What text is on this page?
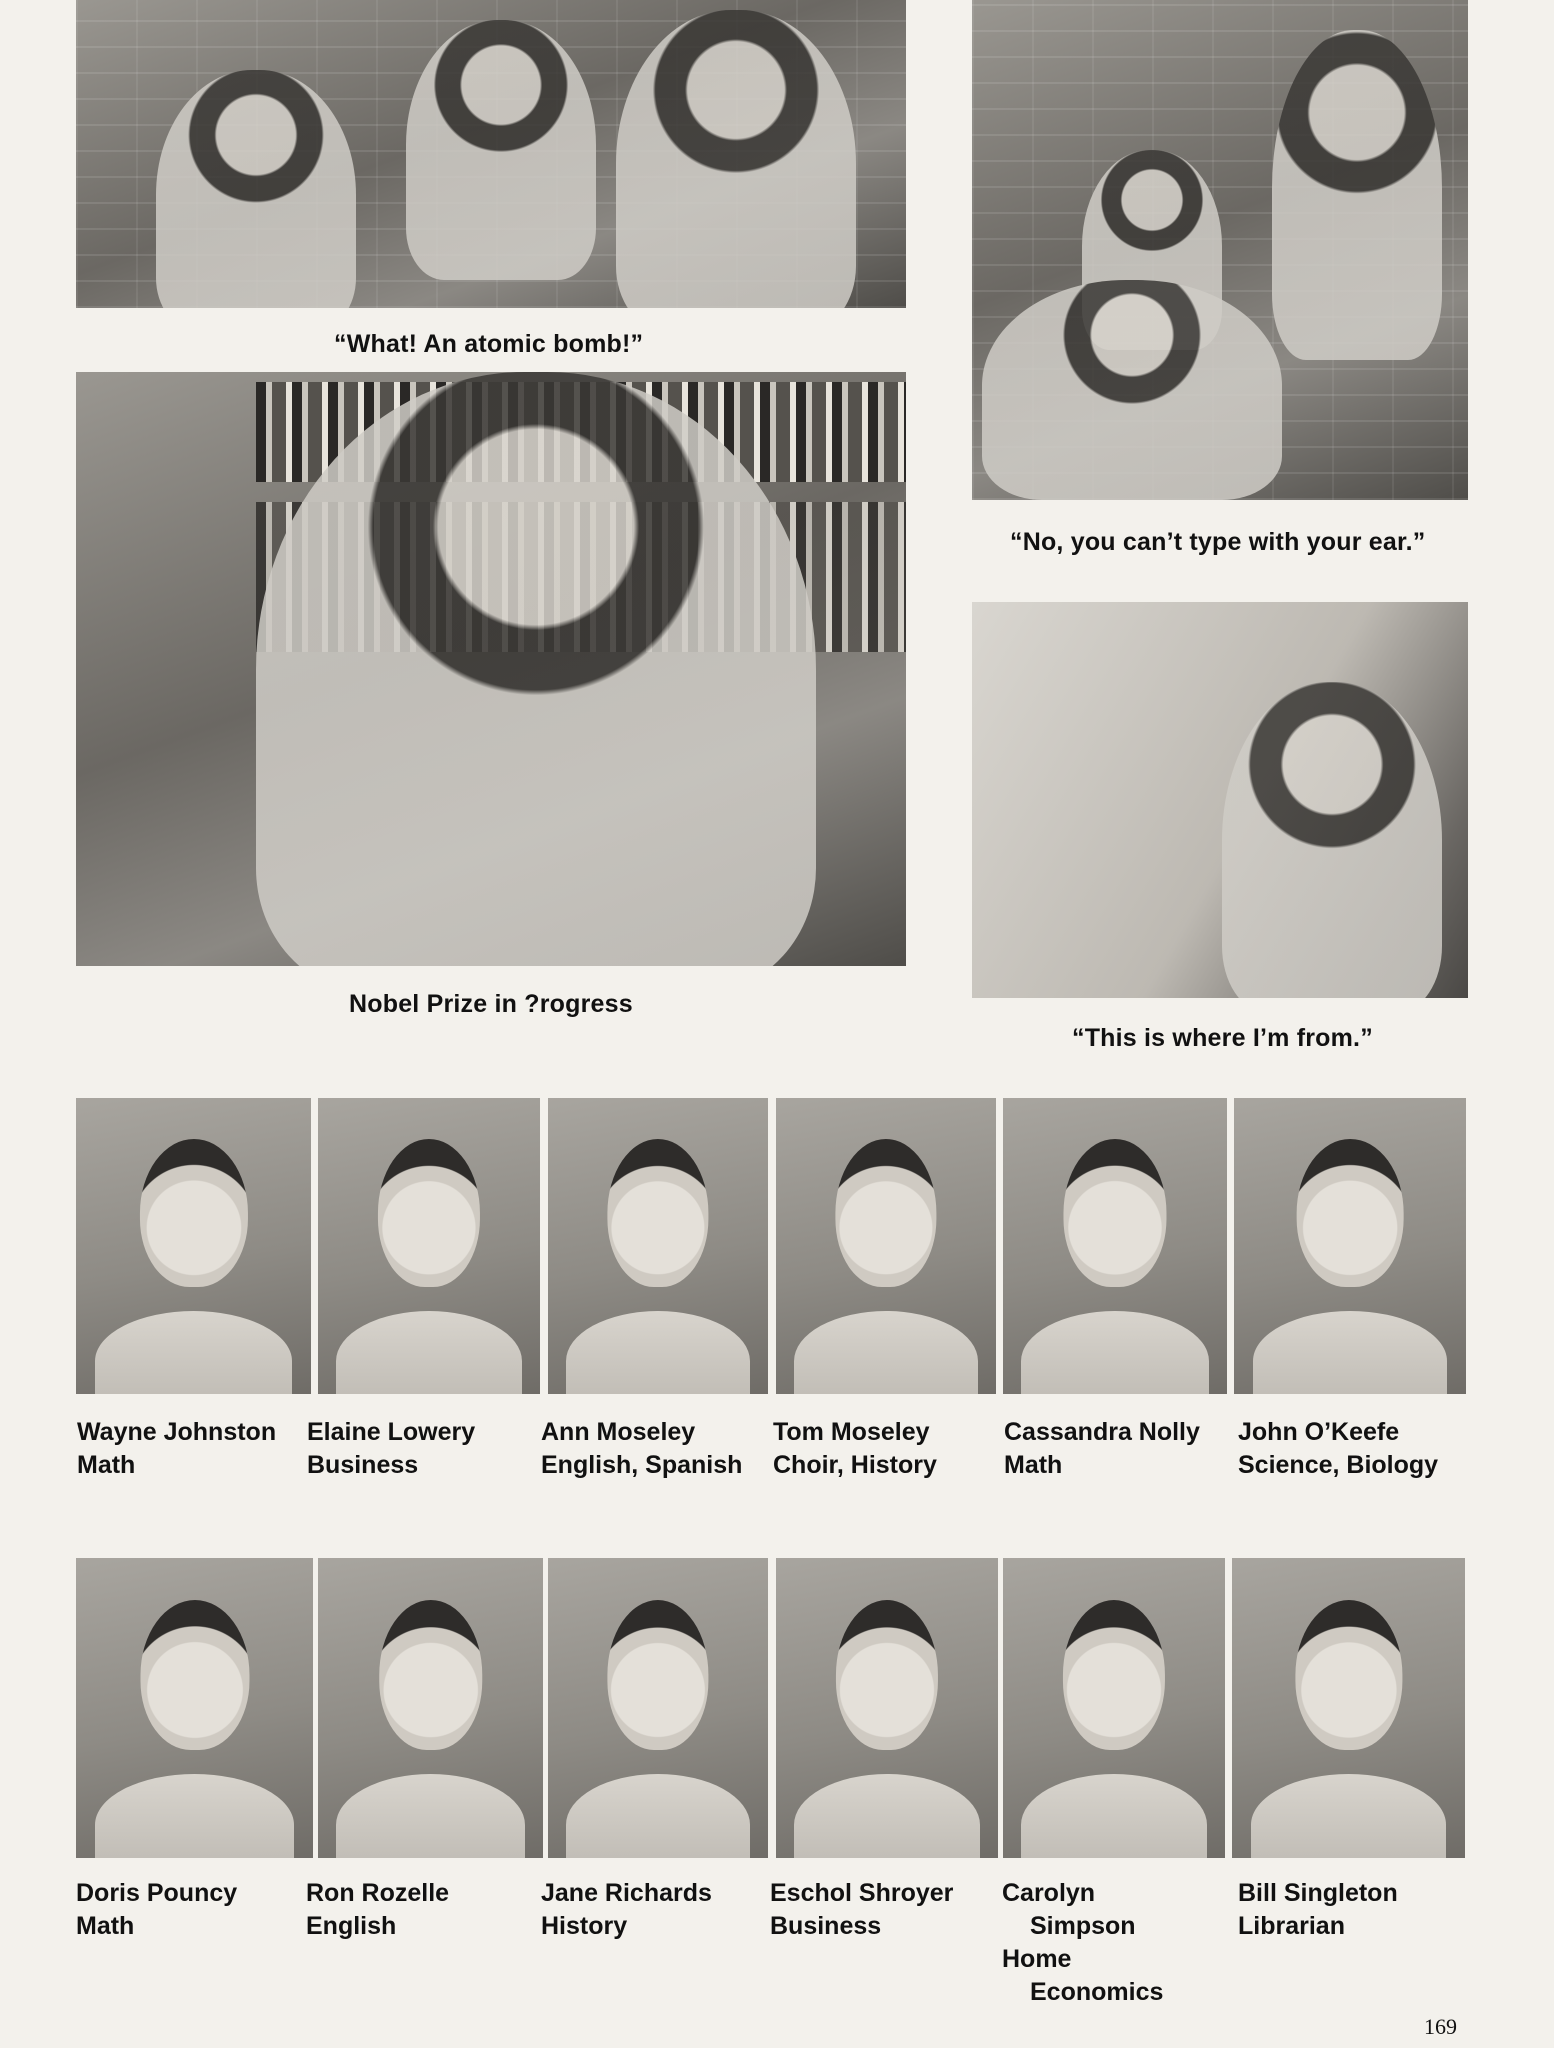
“What! An atomic bomb!”
Nobel Prize in ?rogress
“No, you can’t type with your ear.”
“This is where I’m from.”
Wayne Johnston
Math
Elaine Lowery
Business
Ann Moseley
English, Spanish
Tom Moseley
Choir, History
Cassandra Nolly
Math
John O’Keefe
Science, Biology
Doris Pouncy
Math
Ron Rozelle
English
Jane Richards
History
Eschol Shroyer
Business
Carolyn
Simpson
Home
Economics
Bill Singleton
Librarian
169
